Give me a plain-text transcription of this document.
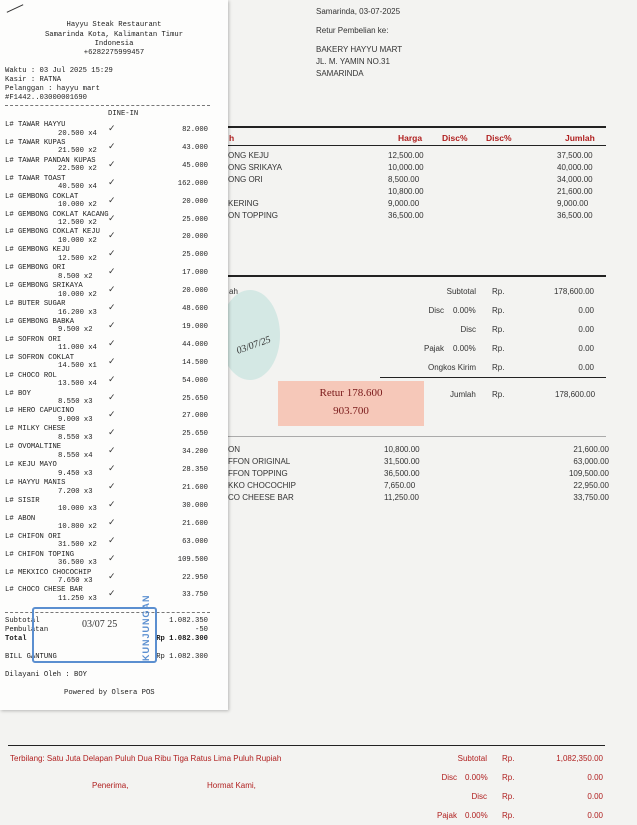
Samarinda, 03-07-2025
Retur Pembelian ke:
BAKERY HAYYU MART
JL. M. YAMIN NO.31
SAMARINDA
h	Harga Disc% Disc%	Jumlah
ONG KEJU	12,500.00	37,500.00
ONG SRIKAYA	10,000.00	40,000.00
ONG ORI	8,500.00	34,000.00
10,800.00	21,600.00
KERING	9,000.00	9,000.00
ON TOPPING	36,500.00	36,500.00
ah	Subtotal Rp.	178,600.00
Disc 0.00% Rp.	0.00
Disc Rp.	0.00
Pajak 0.00% Rp.	0.00
Ongkos Kirim Rp.	0.00
Jumlah Rp.	178,600.00
03/07/25
Retur 178.600
903.700
ON	10,800.00	21,600.00
FFON ORIGINAL	31,500.00	63,000.00
FFON TOPPING	36,500.00	109,500.00
KKO CHOCOCHIP	7,650.00	22,950.00
CO CHEESE BAR	11,250.00	33,750.00
Terbilang: Satu Juta Delapan Puluh Dua Ribu Tiga Ratus Lima Puluh Rupiah
Penerima,	Hormat Kami,
Subtotal Rp.	1,082,350.00
Disc 0.00% Rp.	0.00
Disc Rp.	0.00
Pajak 0.00% Rp.	0.00
Hayyu Steak Restaurant
Samarinda Kota, Kalimantan Timur
Indonesia
+6282275999457
Waktu : 03 Jul 2025 15:29
Kasir : RATNA
Pelanggan : hayyu mart
#F1442..03000001690
DINE-IN
L# TAWAR HAYYU
20.500 x4	82.000
✓
L# TAWAR KUPAS
21.500 x2	43.000
✓
L# TAWAR PANDAN KUPAS
22.500 x2	45.000
✓
L# TAWAR TOAST
40.500 x4	162.000
✓
L# GEMBONG COKLAT
10.000 x2	20.000
✓
L# GEMBONG COKLAT KACANG
12.500 x2	25.000
✓
L# GEMBONG COKLAT KEJU
10.000 x2	20.000
✓
L# GEMBONG KEJU
12.500 x2	25.000
✓
L# GEMBONG ORI
8.500 x2	17.000
✓
L# GEMBONG SRIKAYA
10.000 x2	20.000
✓
L# BUTER SUGAR
16.200 x3	48.600
✓
L# GEMBONG BABKA
9.500 x2	19.000
✓
L# SOFRON ORI
11.000 x4	44.000
✓
L# SOFRON COKLAT
14.500 x1	14.500
✓
L# CHOCO ROL
13.500 x4	54.000
✓
L# BOY
8.550 x3	25.650
✓
L# HERO CAPUCINO
9.000 x3	27.000
✓
L# MILKY CHESE
8.550 x3	25.650
✓
L# OVOMALTINE
8.550 x4	34.200
✓
L# KEJU MAYO
9.450 x3	28.350
✓
L# HAYYU MANIS
7.200 x3	21.600
✓
L# SISIR
10.000 x3	30.000
✓
L# ABON
10.800 x2	21.600
✓
L# CHIFON ORI
31.500 x2	63.000
✓
L# CHIFON TOPING
36.500 x3	109.500
✓
L# MEKXICO CHOCOCHIP
7.650 x3	22.950
✓
L# CHOCO CHESE BAR
11.250 x3	33.750
✓
Subtotal	1.082.350
Pembulatan	-50
Total	Rp 1.082.300
BILL GANTUNG	Rp 1.082.300
Dilayani Oleh : BOY
Powered by Olsera POS
KUNJUNGAN
03/07 25
